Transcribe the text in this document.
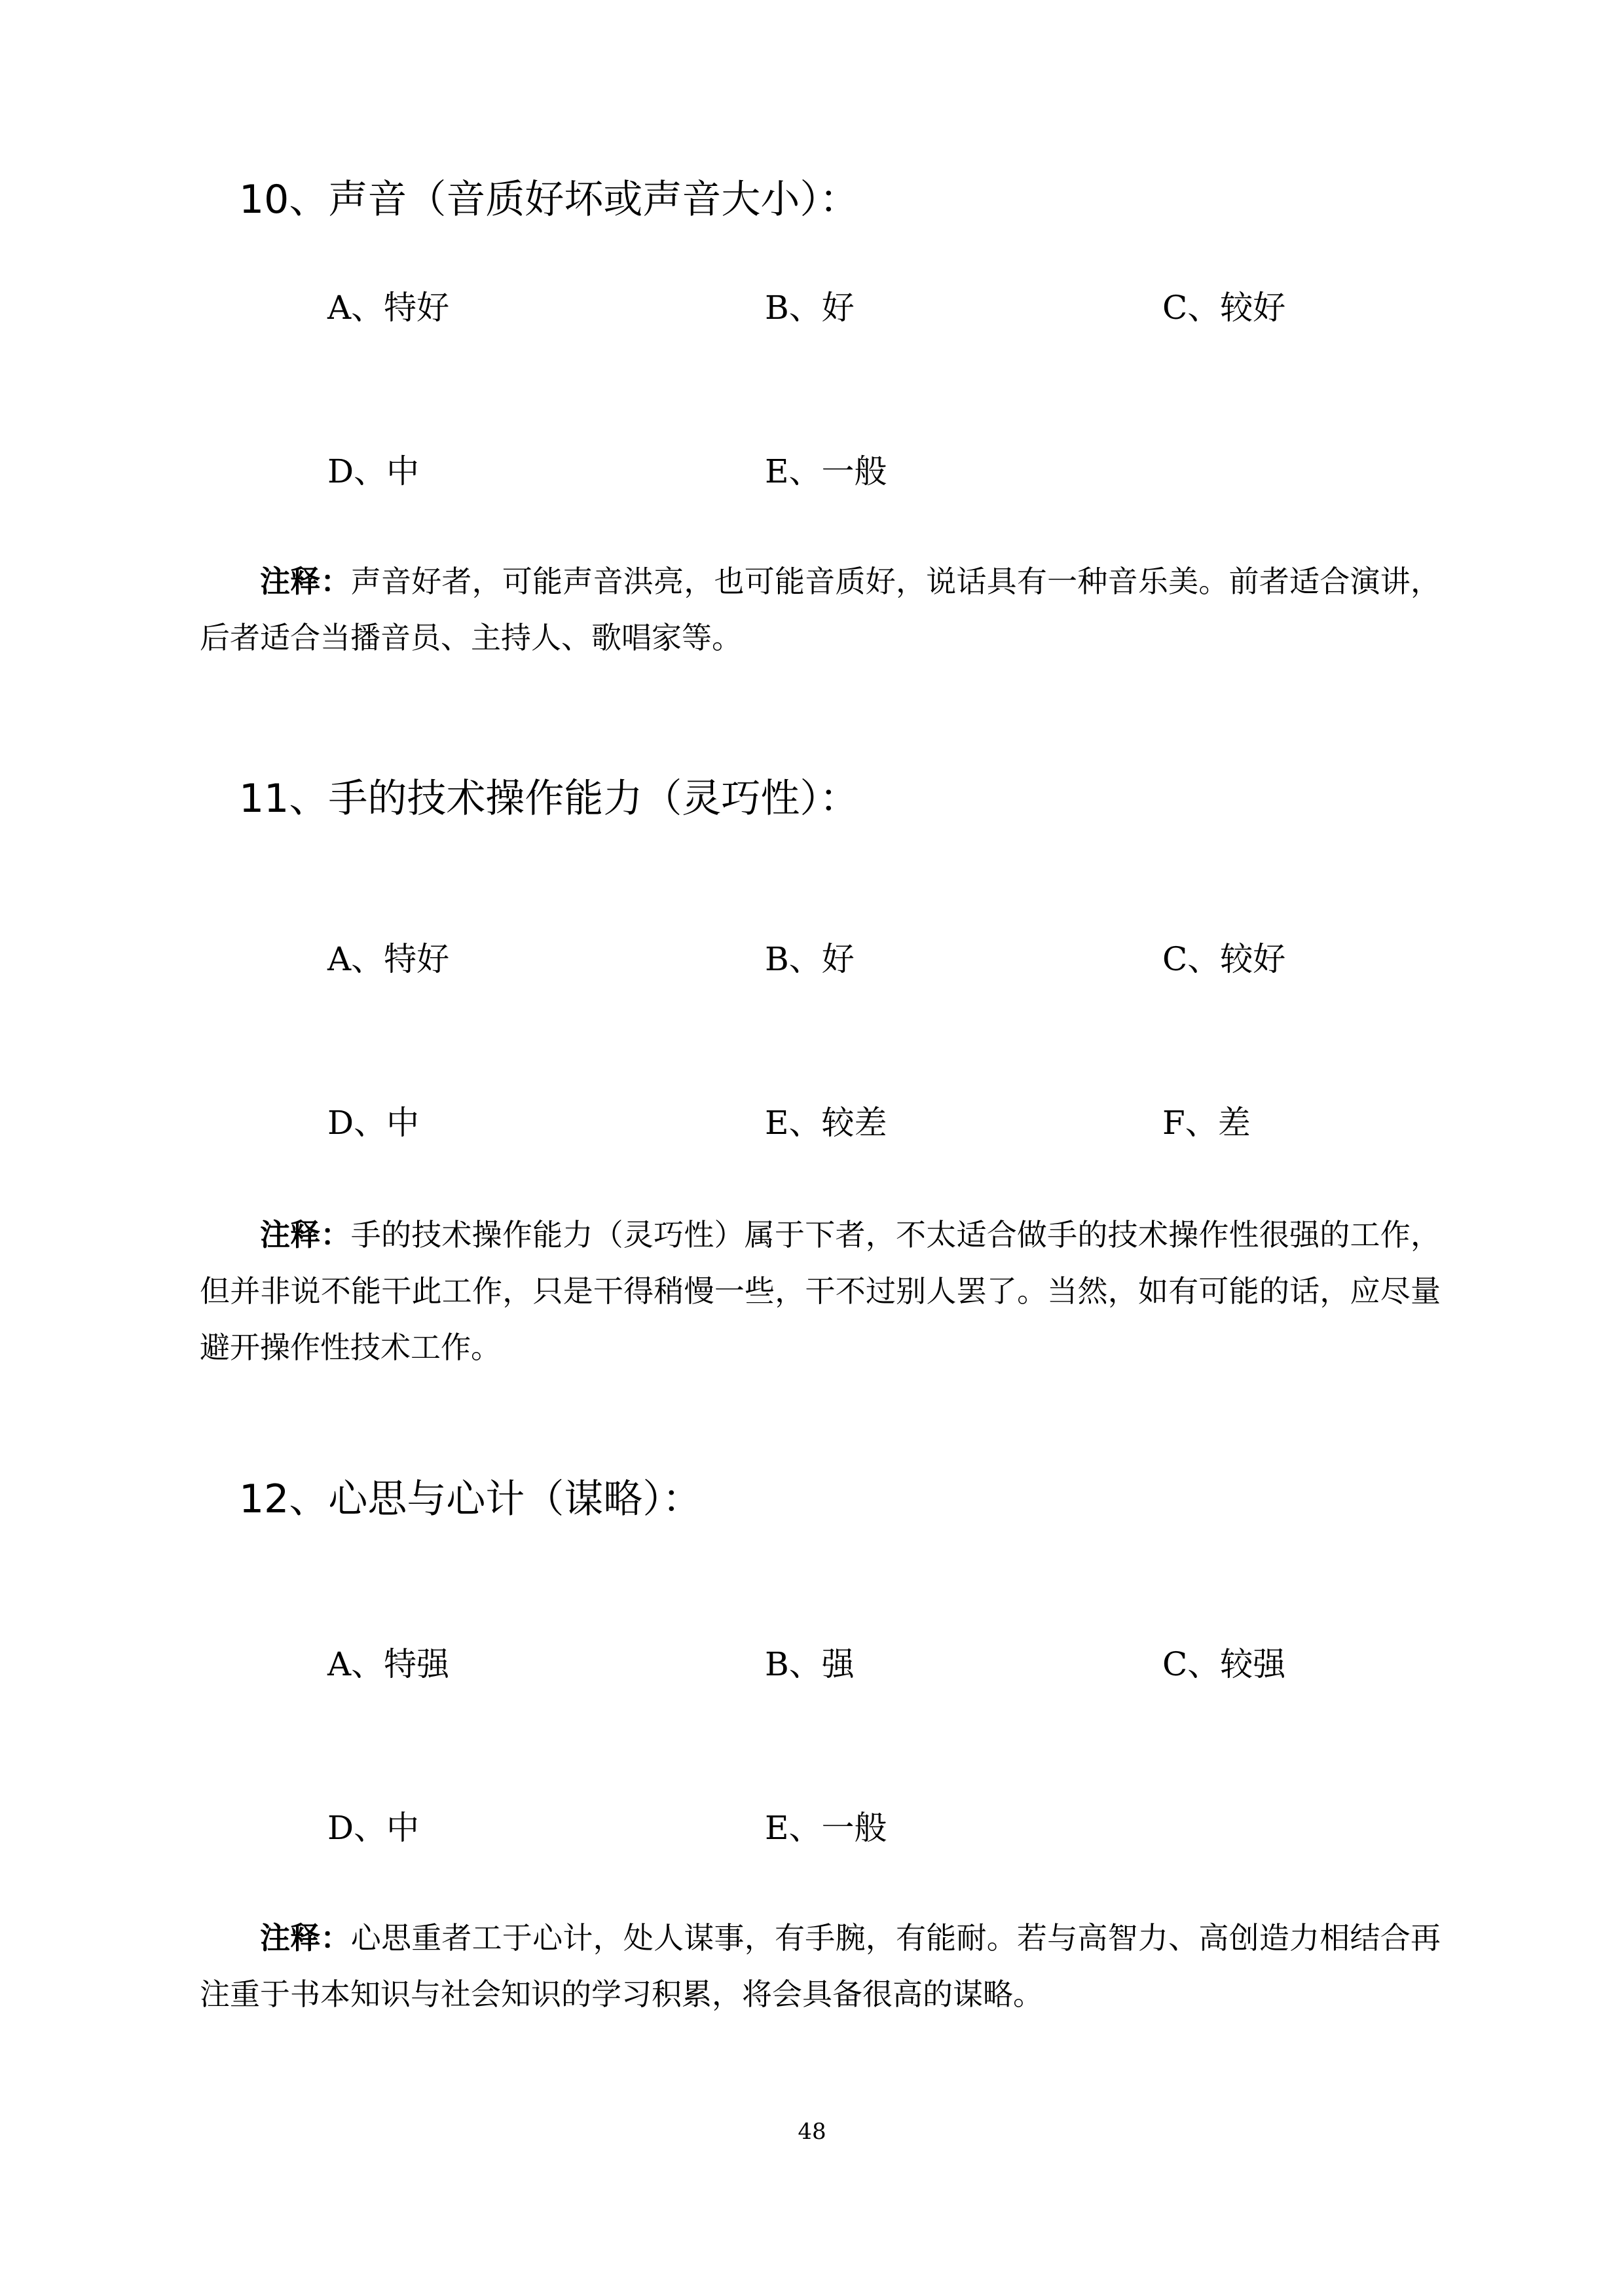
10、声音（音质好坏或声音大小）：
A、特好	B、好	C、较好
D、中	E、一般

注释：声音好者，可能声音洪亮，也可能音质好，说话具有一种音乐美。前者适合演讲，后者适合当播音员、主持人、歌唱家等。

11、手的技术操作能力（灵巧性）：
A、特好	B、好	C、较好
D、中	E、较差	F、差

注释：手的技术操作能力（灵巧性）属于下者，不太适合做手的技术操作性很强的工作，但并非说不能干此工作，只是干得稍慢一些，干不过别人罢了。当然，如有可能的话，应尽量避开操作性技术工作。

12、心思与心计（谋略）：
A、特强	B、强	C、较强
D、中	E、一般

注释：心思重者工于心计，处人谋事，有手腕，有能耐。若与高智力、高创造力相结合再注重于书本知识与社会知识的学习积累，将会具备很高的谋略。

48
